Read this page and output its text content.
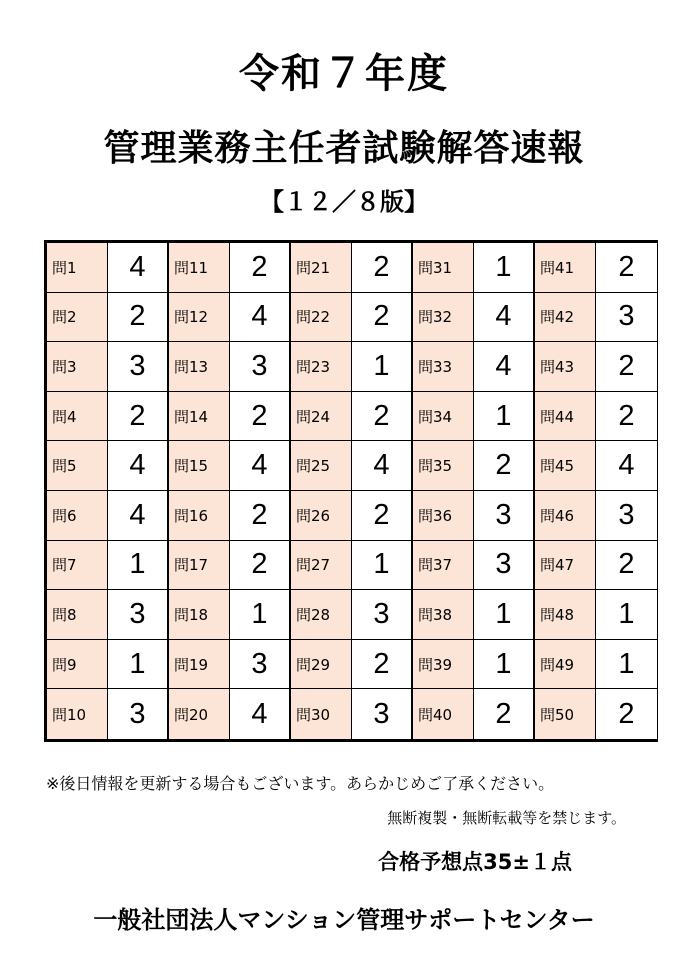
令和７年度
管理業務主任者試験解答速報
【１２／８版】
問1	4	問11	2	問21	2	問31	1	問41	2
問2	2	問12	4	問22	2	問32	4	問42	3
問3	3	問13	3	問23	1	問33	4	問43	2
問4	2	問14	2	問24	2	問34	1	問44	2
問5	4	問15	4	問25	4	問35	2	問45	4
問6	4	問16	2	問26	2	問36	3	問46	3
問7	1	問17	2	問27	1	問37	3	問47	2
問8	3	問18	1	問28	3	問38	1	問48	1
問9	1	問19	3	問29	2	問39	1	問49	1
問10	3	問20	4	問30	3	問40	2	問50	2
※後日情報を更新する場合もございます。あらかじめご了承ください。
無断複製・無断転載等を禁じます。
合格予想点35±１点
一般社団法人マンション管理サポートセンター
